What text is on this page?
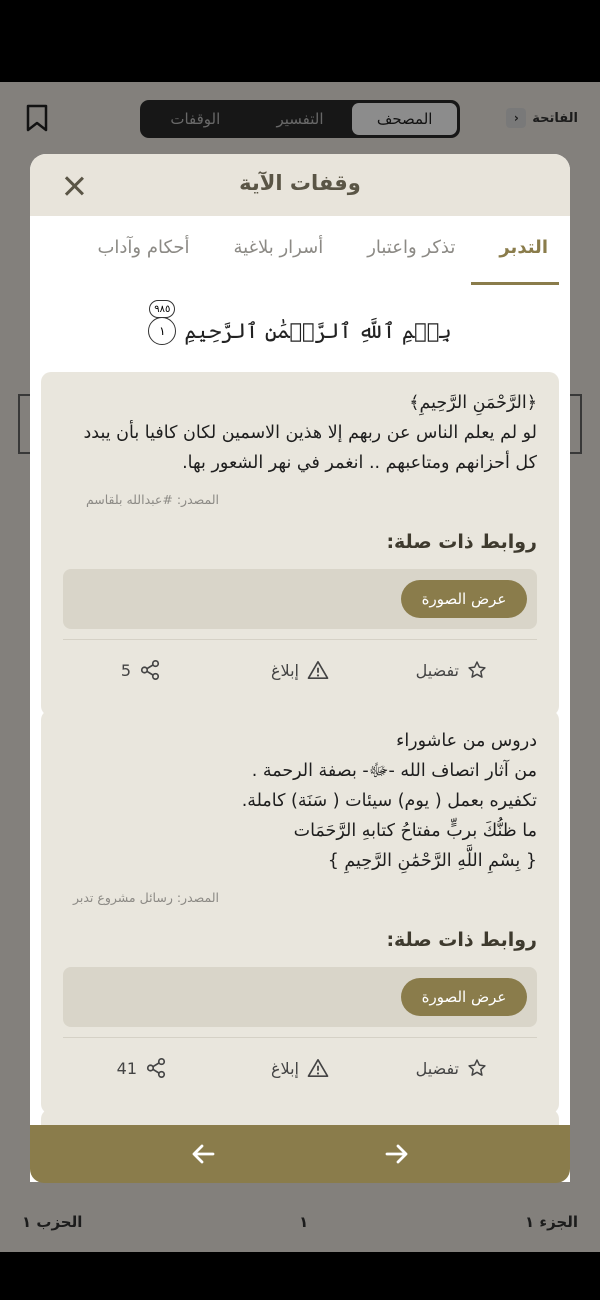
المصحف
التفسير
الوقفات	الفاتحة
‹
الجزء ١
١
الحزب ١
وقفات الآية
التدبر
تذكر واعتبار
أسرار بلاغية
أحكام وآداب
بِسۡمِ ٱللَّهِ ٱلرَّحۡمَٰنِ ٱلرَّحِيمِ
١
٩٨٥
﴿الرَّحْمَنِ الرَّحِيمِ﴾
لو لم يعلم الناس عن ربهم إلا هذين الاسمين لكان كافيا بأن يبدد كل أحزانهم ومتاعبهم .. انغمر في نهر الشعور بها.
المصدر: #عبدالله بلقاسم
روابط ذات صلة:
عرض الصورة
تفضيل
إبلاغ
5
دروس من عاشوراء
من آثار اتصاف الله -ﷻ- بصفة الرحمة .
تكفيره بعمل ( يوم) سيئات ( سَنَة) كاملة.
ما ظنُّكَ بربٍّ مفتاحُ كتابهِ الرَّحَمَات
{ بِسْمِ اللَّهِ الرَّحْمَٰنِ الرَّحِيمِ }
المصدر: رسائل مشروع تدبر
روابط ذات صلة:
عرض الصورة
تفضيل
إبلاغ
41
